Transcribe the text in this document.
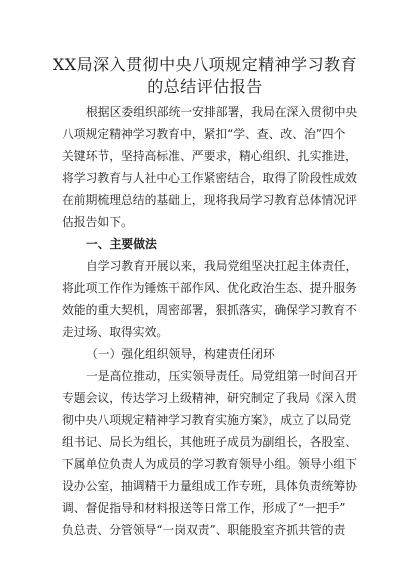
XX局深入贯彻中央八项规定精神学习教育
的总结评估报告
根据区委组织部统一安排部署，我局在深入贯彻中央
八项规定精神学习教育中，紧扣“学、查、改、治”四个
关键环节，坚持高标准、严要求，精心组织、扎实推进，
将学习教育与人社中心工作紧密结合，取得了阶段性成效
在前期梳理总结的基础上，现将我局学习教育总体情况评
估报告如下。
一、主要做法
自学习教育开展以来，我局党组坚决扛起主体责任，
将此项工作作为锤炼干部作风、优化政治生态、提升服务
效能的重大契机，周密部署，狠抓落实，确保学习教育不
走过场、取得实效。
（一）强化组织领导，构建责任闭环
一是高位推动，压实领导责任。局党组第一时间召开
专题会议，传达学习上级精神，研究制定了我局《深入贯
彻中央八项规定精神学习教育实施方案》，成立了以局党
组书记、局长为组长，其他班子成员为副组长，各股室、
下属单位负责人为成员的学习教育领导小组。领导小组下
设办公室，抽调精干力量组成工作专班，具体负责统筹协
调、督促指导和材料报送等日常工作，形成了“一把手”
负总责、分管领导“一岗双责”、职能股室齐抓共管的责
